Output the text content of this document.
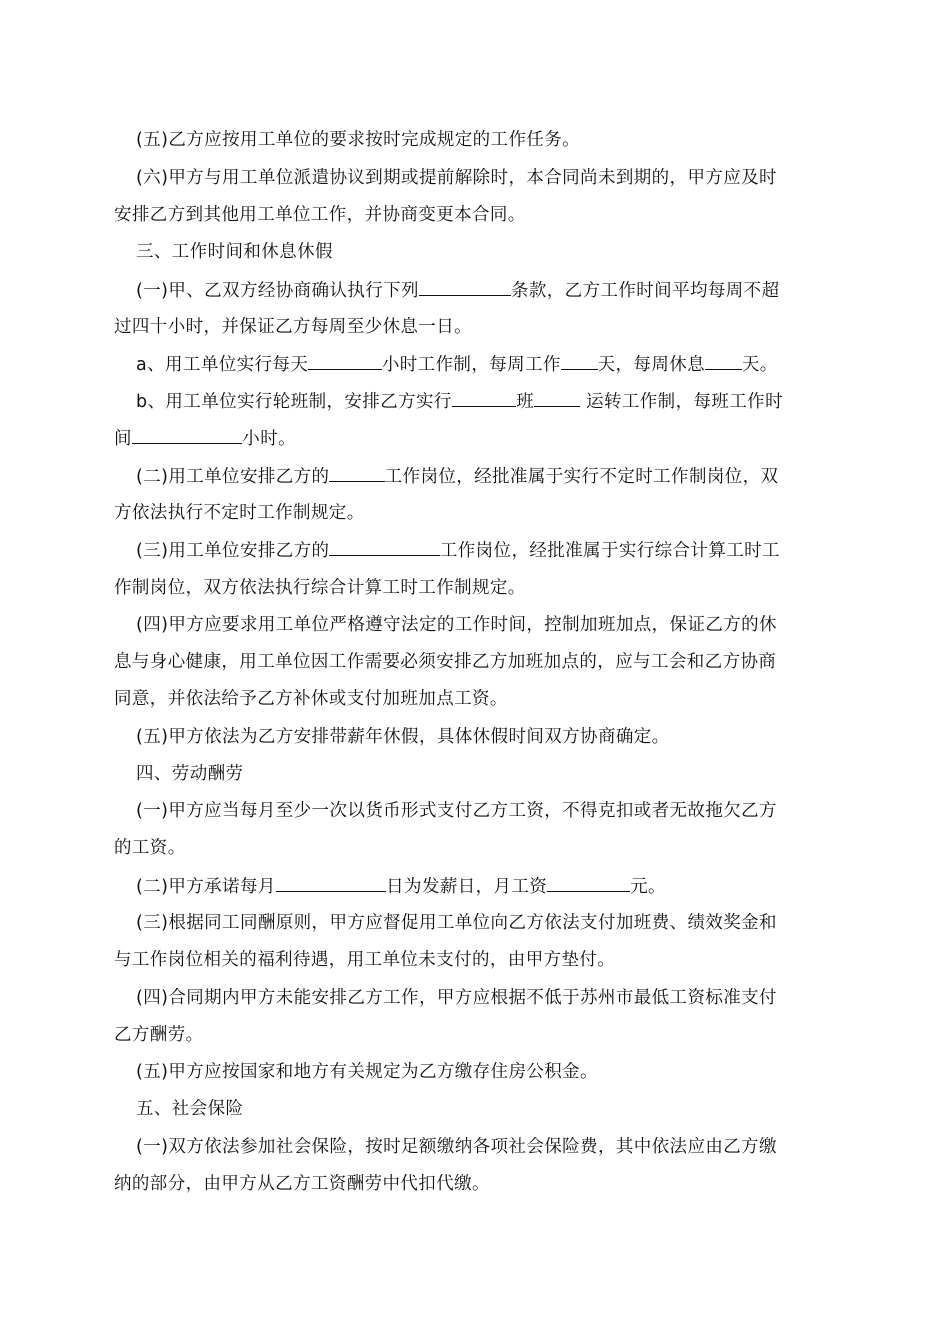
(五)乙方应按用工单位的要求按时完成规定的工作任务。

(六)甲方与用工单位派遣协议到期或提前解除时，本合同尚未到期的，甲方应及时

安排乙方到其他用工单位工作，并协商变更本合同。

三、工作时间和休息休假

(一)甲、乙双方经协商确认执行下列	条款，乙方工作时间平均每周不超

过四十小时，并保证乙方每周至少休息一日。

a、用工单位实行每天	小时工作制，每周工作 天，每周休息 天。

b、用工单位实行轮班制，安排乙方实行	班	运转工作制，每班工作时

间	小时。

(二)用工单位安排乙方的	工作岗位，经批准属于实行不定时工作制岗位，双

方依法执行不定时工作制规定。

(三)用工单位安排乙方的	工作岗位，经批准属于实行综合计算工时工

作制岗位，双方依法执行综合计算工时工作制规定。

(四)甲方应要求用工单位严格遵守法定的工作时间，控制加班加点，保证乙方的休

息与身心健康，用工单位因工作需要必须安排乙方加班加点的，应与工会和乙方协商

同意，并依法给予乙方补休或支付加班加点工资。

(五)甲方依法为乙方安排带薪年休假，具体休假时间双方协商确定。

四、劳动酬劳

(一)甲方应当每月至少一次以货币形式支付乙方工资，不得克扣或者无故拖欠乙方

的工资。

(二)甲方承诺每月	日为发薪日，月工资	元。

(三)根据同工同酬原则，甲方应督促用工单位向乙方依法支付加班费、绩效奖金和

与工作岗位相关的福利待遇，用工单位未支付的，由甲方垫付。

(四)合同期内甲方未能安排乙方工作，甲方应根据不低于苏州市最低工资标准支付

乙方酬劳。

(五)甲方应按国家和地方有关规定为乙方缴存住房公积金。

五、社会保险

(一)双方依法参加社会保险，按时足额缴纳各项社会保险费，其中依法应由乙方缴

纳的部分，由甲方从乙方工资酬劳中代扣代缴。
